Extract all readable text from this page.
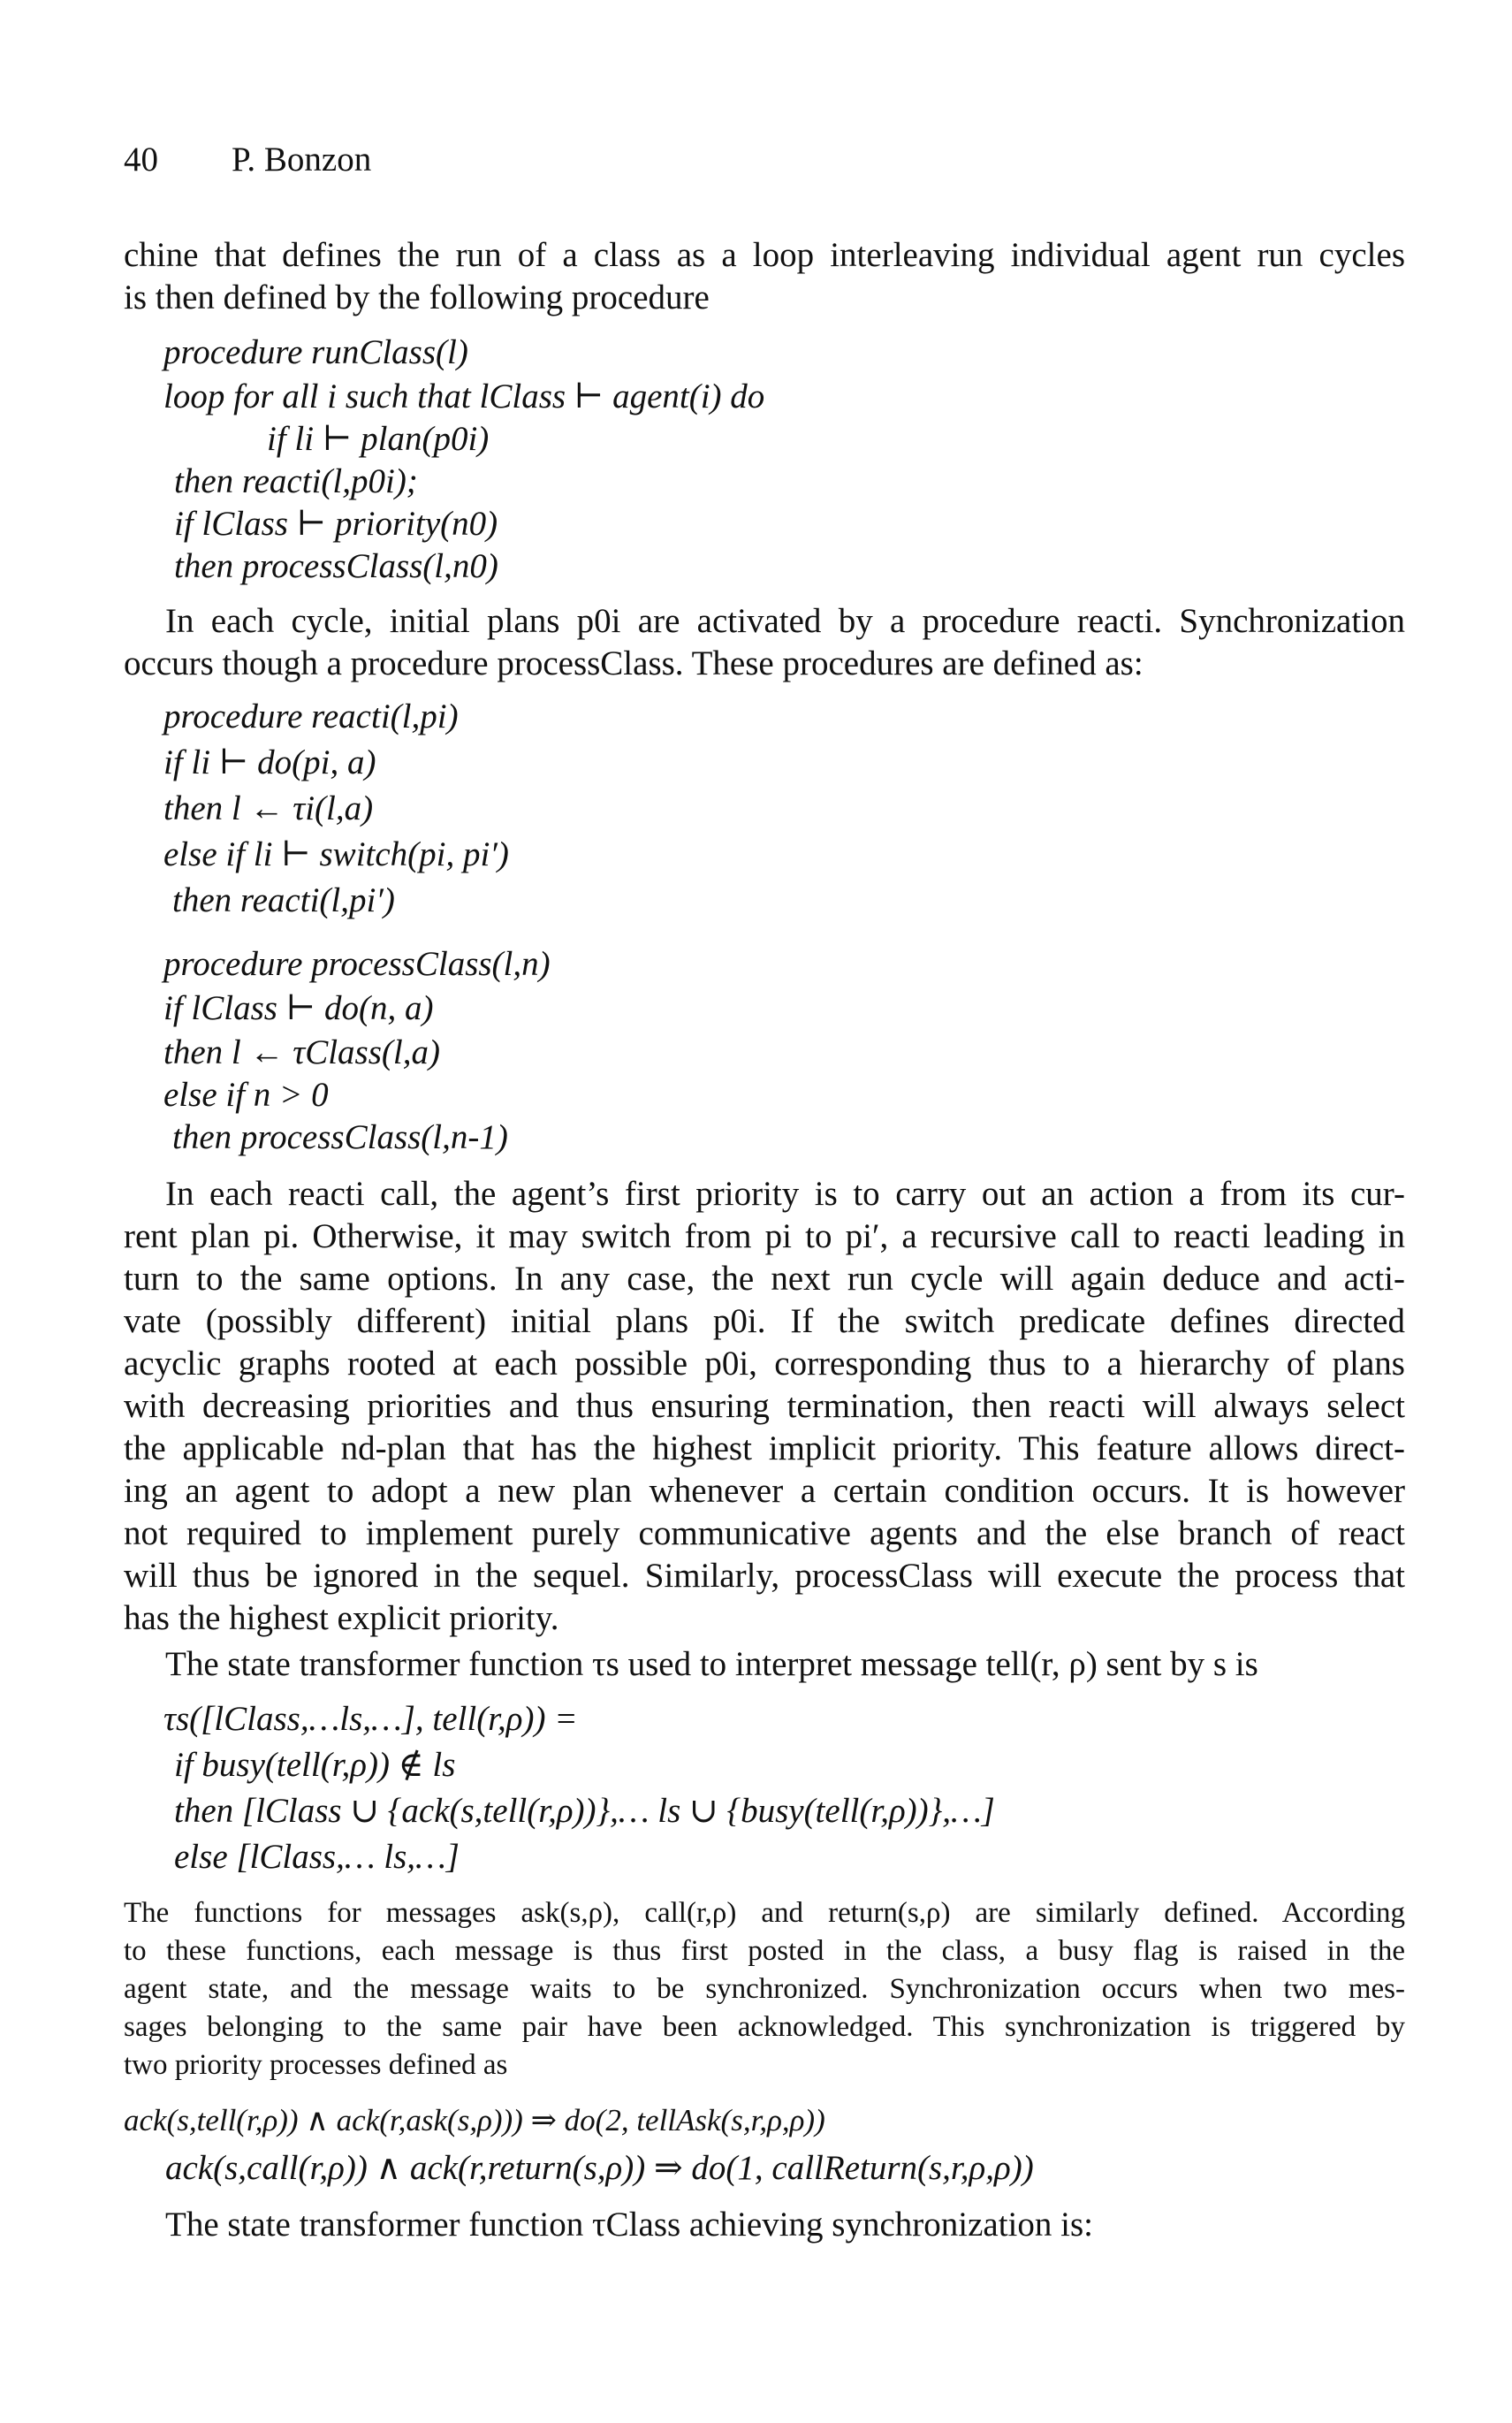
40 P. Bonzon
chine that defines the run of a class as a loop interleaving individual agent run cycles
is then defined by the following procedure
procedure runClass(l)
loop for all i such that lClass ⊢ agent(i) do
if li ⊢ plan(p0i)
then reacti(l,p0i);
if lClass ⊢ priority(n0)
then processClass(l,n0)
In each cycle, initial plans p0i are activated by a procedure reacti. Synchronization
occurs though a procedure processClass. These procedures are defined as:
procedure reacti(l,pi)
if li ⊢ do(pi, a)
then l ← τi(l,a)
else if li ⊢ switch(pi, pi′)
then reacti(l,pi′)
procedure processClass(l,n)
if lClass ⊢ do(n, a)
then l ← τClass(l,a)
else if n > 0
then processClass(l,n-1)
In each reacti call, the agent’s first priority is to carry out an action a from its cur-
rent plan pi. Otherwise, it may switch from pi to pi′, a recursive call to reacti leading in
turn to the same options. In any case, the next run cycle will again deduce and acti-
vate (possibly different) initial plans p0i. If the switch predicate defines directed
acyclic graphs rooted at each possible p0i, corresponding thus to a hierarchy of plans
with decreasing priorities and thus ensuring termination, then reacti will always select
the applicable nd-plan that has the highest implicit priority. This feature allows direct-
ing an agent to adopt a new plan whenever a certain condition occurs. It is however
not required to implement purely communicative agents and the else branch of react
will thus be ignored in the sequel. Similarly, processClass will execute the process that
has the highest explicit priority.
The state transformer function τs used to interpret message tell(r, ρ) sent by s is
τs([lClass,…ls,…], tell(r,ρ)) =
if busy(tell(r,ρ)) ∉ ls
then [lClass ∪ {ack(s,tell(r,ρ))},… ls ∪ {busy(tell(r,ρ))},…]
else [lClass,… ls,…]
The functions for messages ask(s,ρ), call(r,ρ) and return(s,ρ) are similarly defined. According
to these functions, each message is thus first posted in the class, a busy flag is raised in the
agent state, and the message waits to be synchronized. Synchronization occurs when two mes-
sages belonging to the same pair have been acknowledged. This synchronization is triggered by
two priority processes defined as
ack(s,tell(r,ρ)) ∧ ack(r,ask(s,ρ))) ⇒ do(2, tellAsk(s,r,ρ,ρ))
ack(s,call(r,ρ)) ∧ ack(r,return(s,ρ)) ⇒ do(1, callReturn(s,r,ρ,ρ))
The state transformer function τClass achieving synchronization is:
